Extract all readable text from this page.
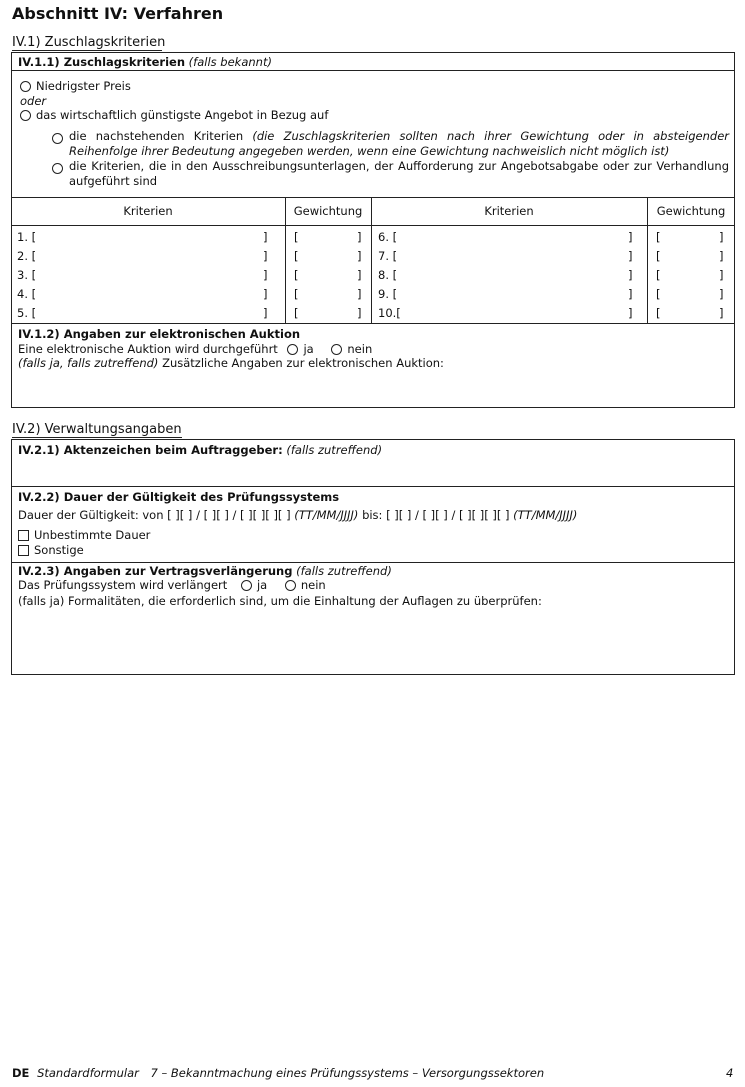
Abschnitt IV: Verfahren
IV.1) Zuschlagskriterien
IV.1.1) Zuschlagskriterien (falls bekannt)
Niedrigster Preis
oder
das wirtschaftlich günstigste Angebot in Bezug auf
die nachstehenden Kriterien (die Zuschlagskriterien sollten nach ihrer Gewichtung oder in absteigender Reihenfolge ihrer Bedeutung angegeben werden, wenn eine Gewichtung nachweislich nicht möglich ist)
die Kriterien, die in den Ausschreibungsunterlagen, der Aufforderung zur Angebotsabgabe oder zur Verhandlung aufgeführt sind
Kriterien	Gewichtung	Kriterien	Gewichtung
1. [	] [	] 6. [	] [	]
2. [	] [	] 7. [	] [	]
3. [	] [	] 8. [	] [	]
4. [	] [	] 9. [	] [	]
5. [	] [	] 10.[	] [	]
IV.1.2) Angaben zur elektronischen Auktion
Eine elektronische Auktion wird durchgeführt ja	nein
(falls ja, falls zutreffend) Zusätzliche Angaben zur elektronischen Auktion:
IV.2) Verwaltungsangaben
IV.2.1) Aktenzeichen beim Auftraggeber: (falls zutreffend)
IV.2.2) Dauer der Gültigkeit des Prüfungssystems
Dauer der Gültigkeit: von [ ][ ] / [ ][ ] / [ ][ ][ ][ ] (TT/MM/JJJJ) bis: [ ][ ] / [ ][ ] / [ ][ ][ ][ ] (TT/MM/JJJJ)
Unbestimmte Dauer
Sonstige
IV.2.3) Angaben zur Vertragsverlängerung (falls zutreffend)
Das Prüfungssystem wird verlängert	ja	nein
(falls ja) Formalitäten, die erforderlich sind, um die Einhaltung der Auflagen zu überprüfen:
DE Standardformular 7 – Bekanntmachung eines Prüfungssystems – Versorgungssektoren	4
